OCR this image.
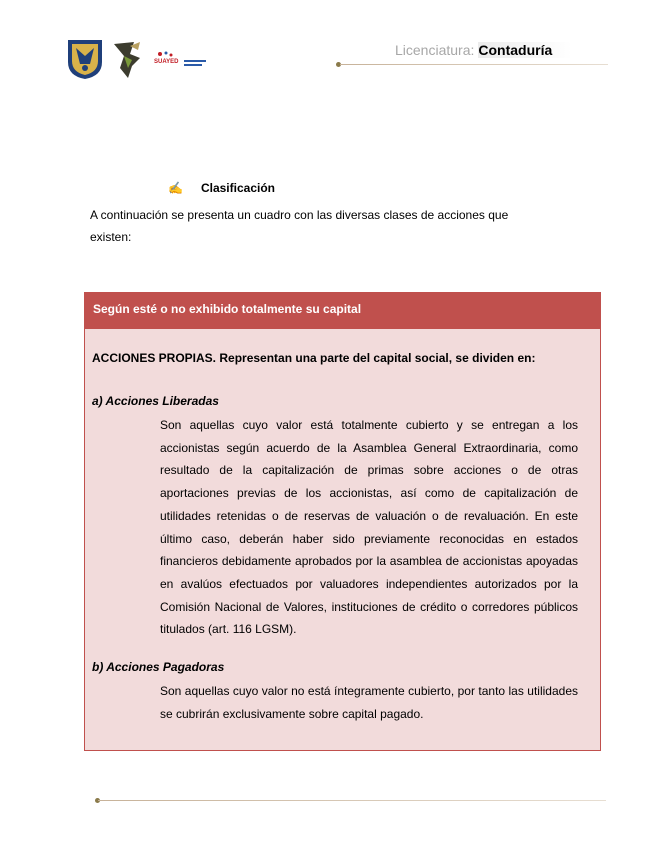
SUAYED
Licenciatura: Contaduría
✍ Clasificación
A continuación se presenta un cuadro con las diversas clases de acciones que existen:
Según esté o no exhibido totalmente su capital
ACCIONES PROPIAS. Representan una parte del capital social, se dividen en:
a) Acciones Liberadas
Son aquellas cuyo valor está totalmente cubierto y se entregan a los accionistas según acuerdo de la Asamblea General Extraordinaria, como resultado de la capitalización de primas sobre acciones o de otras aportaciones previas de los accionistas, así como de capitalización de utilidades retenidas o de reservas de valuación o de revaluación. En este último caso, deberán haber sido previamente reconocidas en estados financieros debidamente aprobados por la asamblea de accionistas apoyadas en avalúos efectuados por valuadores independientes autorizados por la Comisión Nacional de Valores, instituciones de crédito o corredores públicos titulados (art. 116 LGSM).
b) Acciones Pagadoras
Son aquellas cuyo valor no está íntegramente cubierto, por tanto las utilidades se cubrirán exclusivamente sobre capital pagado.
